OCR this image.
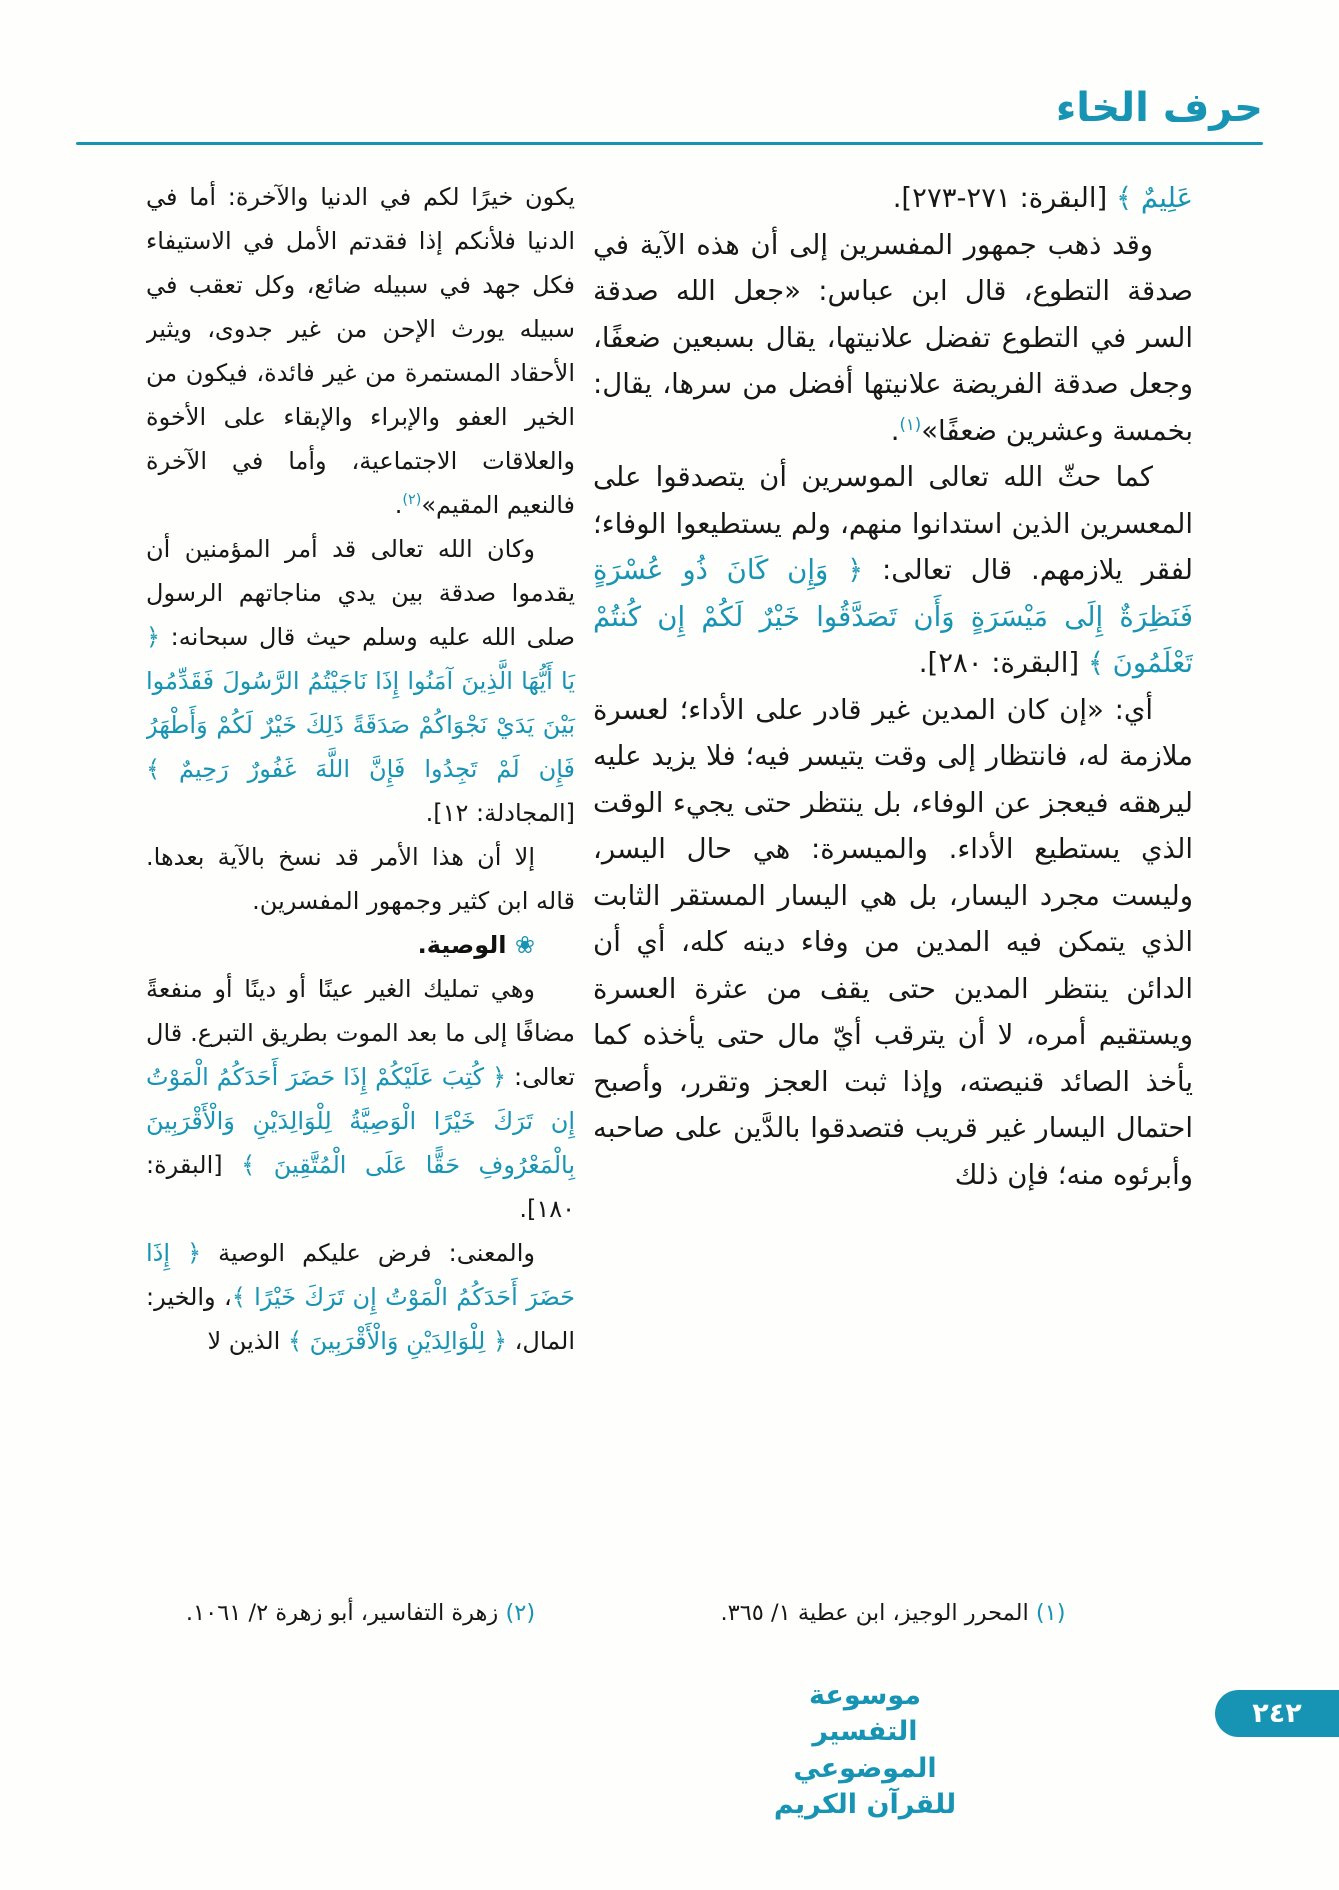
حرف الخاء

عَلِيمٌ ﴾ [البقرة: ٢٧١-٢٧٣].

وقد ذهب جمهور المفسرين إلى أن هذه الآية في صدقة التطوع، قال ابن عباس: «جعل الله صدقة السر في التطوع تفضل علانيتها، يقال بسبعين ضعفًا، وجعل صدقة الفريضة علانيتها أفضل من سرها، يقال: بخمسة وعشرين ضعفًا»$^{(١)}$.

كما حثّ الله تعالى الموسرين أن يتصدقوا على المعسرين الذين استدانوا منهم، ولم يستطيعوا الوفاء؛ لفقر يلازمهم. قال تعالى: ﴿ وَإِن كَانَ ذُو عُسْرَةٍ فَنَظِرَةٌ إِلَى مَيْسَرَةٍ وَأَن تَصَدَّقُوا خَيْرٌ لَكُمْ إِن كُنتُمْ تَعْلَمُونَ ﴾ [البقرة: ٢٨٠].

أي: «إن كان المدين غير قادر على الأداء؛ لعسرة ملازمة له، فانتظار إلى وقت يتيسر فيه؛ فلا يزيد عليه ليرهقه فيعجز عن الوفاء، بل ينتظر حتى يجيء الوقت الذي يستطيع الأداء. والميسرة: هي حال اليسر، وليست مجرد اليسار، بل هي اليسار المستقر الثابت الذي يتمكن فيه المدين من وفاء دينه كله، أي أن الدائن ينتظر المدين حتى يقف من عثرة العسرة ويستقيم أمره، لا أن يترقب أيّ مال حتى يأخذه كما يأخذ الصائد قنيصته، وإذا ثبت العجز وتقرر، وأصبح احتمال اليسار غير قريب فتصدقوا بالدَّين على صاحبه وأبرئوه منه؛ فإن ذلك

يكون خيرًا لكم في الدنيا والآخرة: أما في الدنيا فلأنكم إذا فقدتم الأمل في الاستيفاء فكل جهد في سبيله ضائع، وكل تعقب في سبيله يورث الإحن من غير جدوى، ويثير الأحقاد المستمرة من غير فائدة، فيكون من الخير العفو والإبراء والإبقاء على الأخوة والعلاقات الاجتماعية، وأما في الآخرة فالنعيم المقيم»$^{(٢)}$.

وكان الله تعالى قد أمر المؤمنين أن يقدموا صدقة بين يدي مناجاتهم الرسول صلى الله عليه وسلم حيث قال سبحانه: ﴿ يَا أَيُّهَا الَّذِينَ آمَنُوا إِذَا نَاجَيْتُمُ الرَّسُولَ فَقَدِّمُوا بَيْنَ يَدَيْ نَجْوَاكُمْ صَدَقَةً ذَلِكَ خَيْرٌ لَكُمْ وَأَطْهَرُ فَإِن لَمْ تَجِدُوا فَإِنَّ اللَّهَ غَفُورٌ رَحِيمٌ ﴾ [المجادلة: ١٢].

إلا أن هذا الأمر قد نسخ بالآية بعدها. قاله ابن كثير وجمهور المفسرين.

❀ الوصية.

وهي تمليك الغير عينًا أو دينًا أو منفعةً مضافًا إلى ما بعد الموت بطريق التبرع. قال تعالى: ﴿ كُتِبَ عَلَيْكُمْ إِذَا حَضَرَ أَحَدَكُمُ الْمَوْتُ إِن تَرَكَ خَيْرًا الْوَصِيَّةُ لِلْوَالِدَيْنِ وَالْأَقْرَبِينَ بِالْمَعْرُوفِ حَقًّا عَلَى الْمُتَّقِينَ ﴾ [البقرة: ١٨٠].

والمعنى: فرض عليكم الوصية ﴿ إِذَا حَضَرَ أَحَدَكُمُ الْمَوْتُ إِن تَرَكَ خَيْرًا ﴾، والخير: المال، ﴿ لِلْوَالِدَيْنِ وَالْأَقْرَبِينَ ﴾ الذين لا

(١) المحرر الوجيز، ابن عطية ١/ ٣٦٥.
(٢) زهرة التفاسير، أبو زهرة ٢/ ١٠٦١.
موسوعة التفسير الموضوعي للقرآن الكريم
٢٤٢
